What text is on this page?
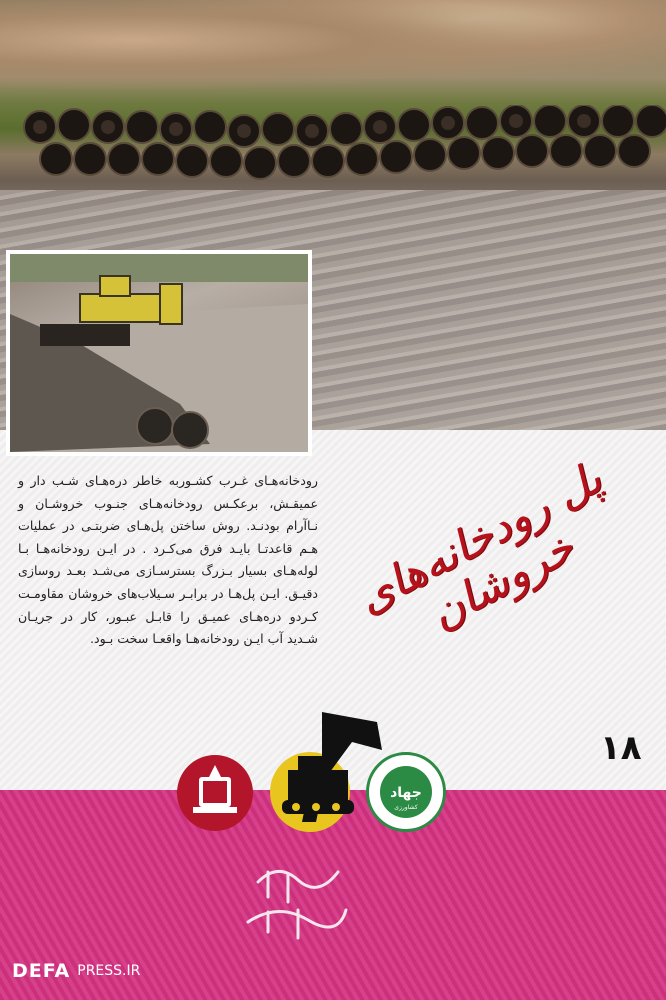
رودخانه‌هـای غـرب کشـوربه خاطر دره‌هـای شـب دار و عمیقـش، برعکـس رودخانه‌هـای جنـوب خروشـان و نـاآرام بودنـد. روش ساختن پل‌هـای ضربتـی در عملیات هـم قاعدتـا بایـد فرق می‌کـرد . در ایـن رودخانه‌هـا بـا لوله‌هـای بسیار بـزرگ بسترسـازی می‌شـد بعـد روسازی دقیـق. ایـن پل‌هـا در برابـر سـیلاب‌های خروشان مقاومـت کـردو دره‌هـای عمیـق را قابـل عبـور، کار در جریـان شـدید آب ایـن رودخانه‌هـا واقعـا سخت بـود.
پل رودخانه‌های خروشان
۱۸
همه با هم
جهاد
کشاورزی
DEFA PRESS.IR
